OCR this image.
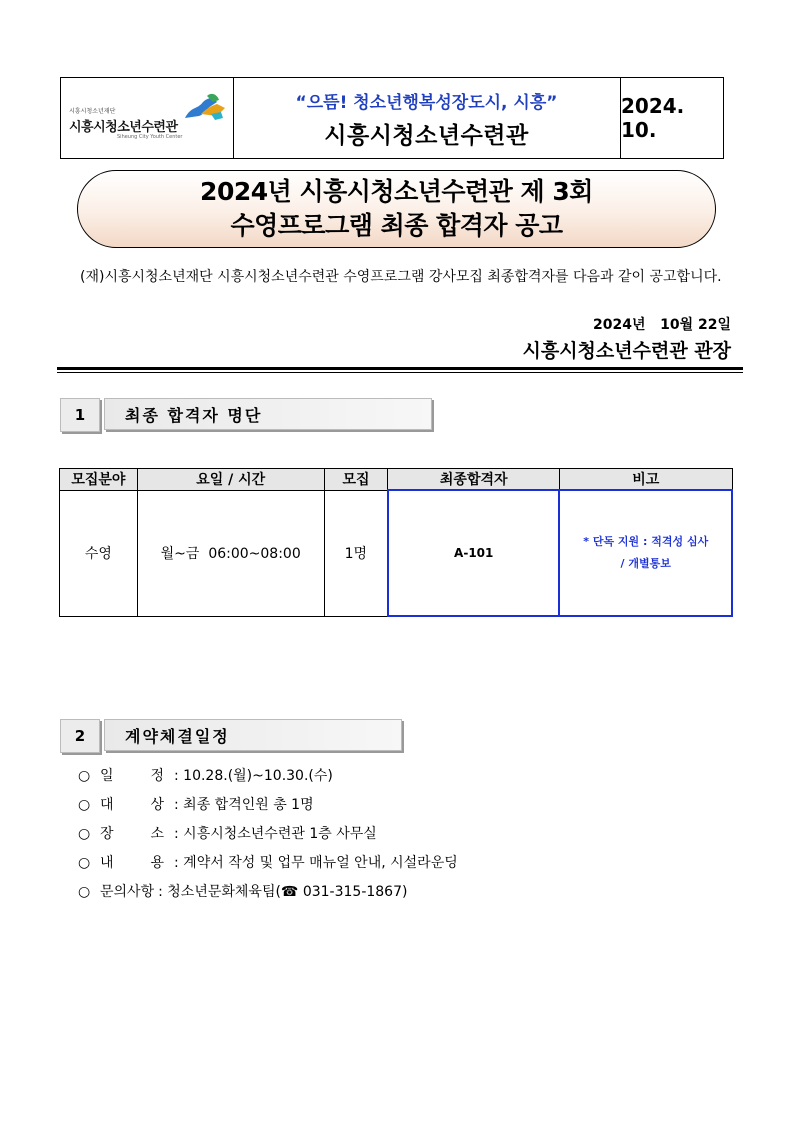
시흥시청소년재단
시흥시청소년수련관
Siheung City Youth Center
“으뜸! 청소년행복성장도시, 시흥”
시흥시청소년수련관
2024. 10.
2024년 시흥시청소년수련관 제 3회
수영프로그램 최종 합격자 공고
(재)시흥시청소년재단 시흥시청소년수련관 수영프로그램 강사모집 최종합격자를 다음과 같이 공고합니다.
2024년   10월 22일
시흥시청소년수련관 관장
1	최종 합격자 명단
모집분야	요일 / 시간	모집	최종합격자	비고
수영	월~금  06:00~08:00	1명	A-101	* 단독 지원 : 적격성 심사
/ 개별통보
2	계약체결일정
○ 일	정 : 10.28.(월)~10.30.(수)
○ 대	상 : 최종 합격인원 총 1명
○ 장	소 : 시흥시청소년수련관 1층 사무실
○ 내	용 : 계약서 작성 및 업무 매뉴얼 안내, 시설라운딩
○ 문의사항 : 청소년문화체육팀(☎ 031-315-1867)
